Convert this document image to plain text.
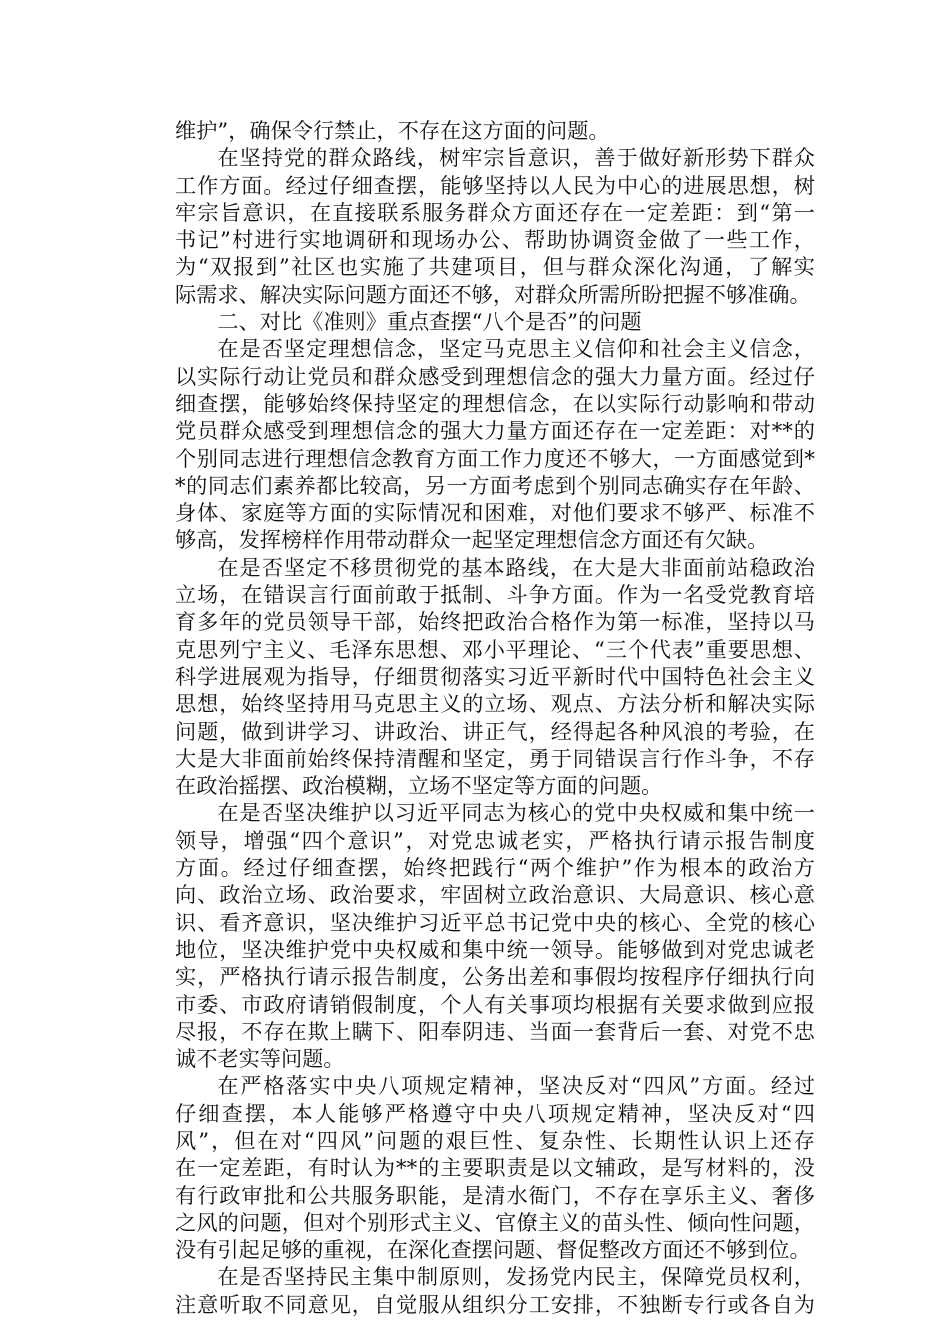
维护”，确保令行禁止，不存在这方面的问题。

在坚持党的群众路线，树牢宗旨意识，善于做好新形势下群众
工作方面。经过仔细查摆，能够坚持以人民为中心的进展思想，树
牢宗旨意识，在直接联系服务群众方面还存在一定差距：到“第一
书记”村进行实地调研和现场办公、帮助协调资金做了一些工作，
为“双报到”社区也实施了共建项目，但与群众深化沟通，了解实
际需求、解决实际问题方面还不够，对群众所需所盼把握不够准确。

二、对比《准则》重点查摆“八个是否”的问题

在是否坚定理想信念，坚定马克思主义信仰和社会主义信念，
以实际行动让党员和群众感受到理想信念的强大力量方面。经过仔
细查摆，能够始终保持坚定的理想信念，在以实际行动影响和带动
党员群众感受到理想信念的强大力量方面还存在一定差距：对**的
个别同志进行理想信念教育方面工作力度还不够大，一方面感觉到*
*的同志们素养都比较高，另一方面考虑到个别同志确实存在年龄、
身体、家庭等方面的实际情况和困难，对他们要求不够严、标准不
够高，发挥榜样作用带动群众一起坚定理想信念方面还有欠缺。

在是否坚定不移贯彻党的基本路线，在大是大非面前站稳政治
立场，在错误言行面前敢于抵制、斗争方面。作为一名受党教育培
育多年的党员领导干部，始终把政治合格作为第一标准，坚持以马
克思列宁主义、毛泽东思想、邓小平理论、“三个代表”重要思想、
科学进展观为指导，仔细贯彻落实习近平新时代中国特色社会主义
思想，始终坚持用马克思主义的立场、观点、方法分析和解决实际
问题，做到讲学习、讲政治、讲正气，经得起各种风浪的考验，在
大是大非面前始终保持清醒和坚定，勇于同错误言行作斗争，不存
在政治摇摆、政治模糊，立场不坚定等方面的问题。

在是否坚决维护以习近平同志为核心的党中央权威和集中统一
领导，增强“四个意识”，对党忠诚老实，严格执行请示报告制度
方面。经过仔细查摆，始终把践行“两个维护”作为根本的政治方
向、政治立场、政治要求，牢固树立政治意识、大局意识、核心意
识、看齐意识，坚决维护习近平总书记党中央的核心、全党的核心
地位，坚决维护党中央权威和集中统一领导。能够做到对党忠诚老
实，严格执行请示报告制度，公务出差和事假均按程序仔细执行向
市委、市政府请销假制度，个人有关事项均根据有关要求做到应报
尽报，不存在欺上瞒下、阳奉阴违、当面一套背后一套、对党不忠
诚不老实等问题。

在严格落实中央八项规定精神，坚决反对“四风”方面。经过
仔细查摆，本人能够严格遵守中央八项规定精神，坚决反对“四
风”，但在对“四风”问题的艰巨性、复杂性、长期性认识上还存
在一定差距，有时认为**的主要职责是以文辅政，是写材料的，没
有行政审批和公共服务职能，是清水衙门，不存在享乐主义、奢侈
之风的问题，但对个别形式主义、官僚主义的苗头性、倾向性问题，
没有引起足够的重视，在深化查摆问题、督促整改方面还不够到位。

在是否坚持民主集中制原则，发扬党内民主，保障党员权利，
注意听取不同意见，自觉服从组织分工安排，不独断专行或各自为
